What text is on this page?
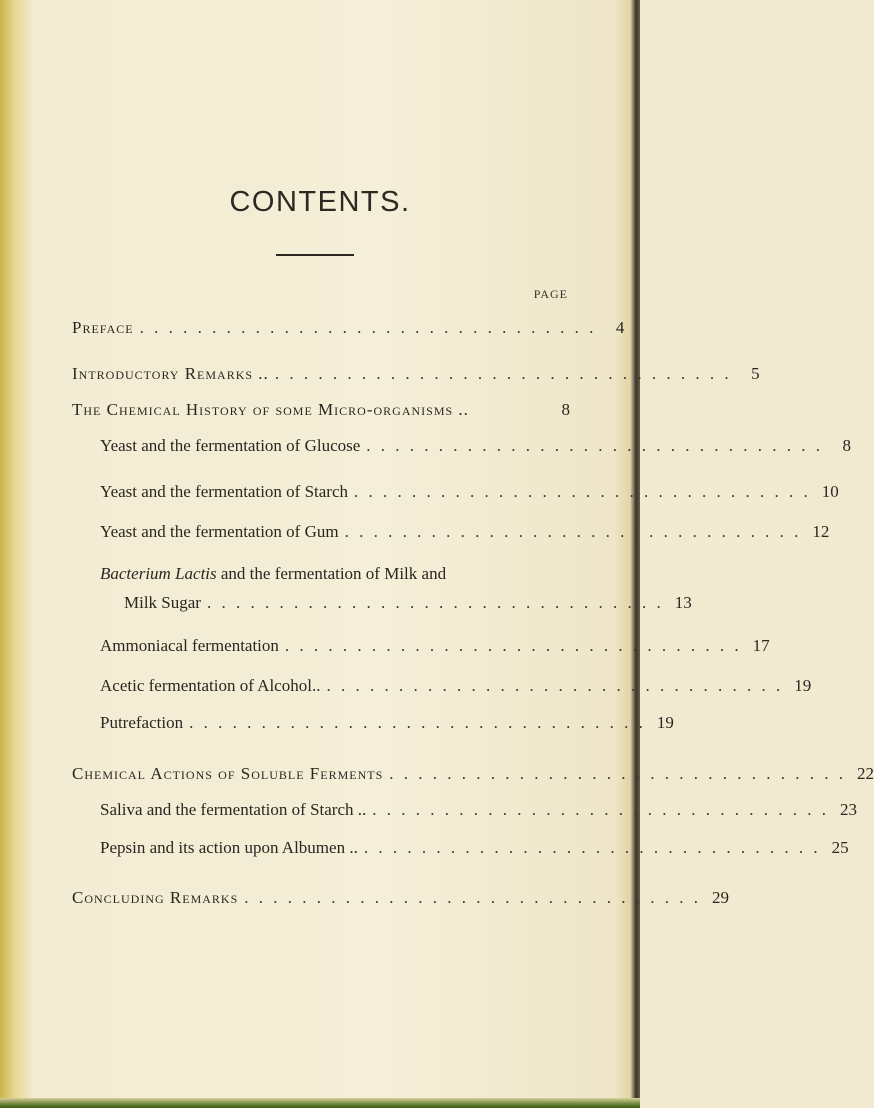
CONTENTS.
PAGE
Preface . . . . . . . . . . . . . . . . . . . . . . . . . . . . . . . .	4
Introductory Remarks .. . . . . . . . . . . . . . . . . . . . . . . . . . . . . . . . .	5
The Chemical History of some Micro-organisms ..	8
Yeast and the fermentation of Glucose . . . . . . . . . . . . . . . . . . . . . . . . . . . . . . . .	8
Yeast and the fermentation of Starch . . . . . . . . . . . . . . . . . . . . . . . . . . . . . . . . 10
Yeast and the fermentation of Gum . . . . . . . . . . . . . . . . . . . . . . . . . . . . . . . . 12
Bacterium Lactis and the fermentation of Milk and
Milk Sugar . . . . . . . . . . . . . . . . . . . . . . . . . . . . . . . . 13
Ammoniacal fermentation . . . . . . . . . . . . . . . . . . . . . . . . . . . . . . . . 17
Acetic fermentation of Alcohol.. . . . . . . . . . . . . . . . . . . . . . . . . . . . . . . . . 19
Putrefaction . . . . . . . . . . . . . . . . . . . . . . . . . . . . . . . . 19
Chemical Actions of Soluble Ferments . . . . . . . . . . . . . . . . . . . . . . . . . . . . . . . . 22
Saliva and the fermentation of Starch .. . . . . . . . . . . . . . . . . . . . . . . . . . . . . . . . . 23
Pepsin and its action upon Albumen .. . . . . . . . . . . . . . . . . . . . . . . . . . . . . . . . . 25
Concluding Remarks . . . . . . . . . . . . . . . . . . . . . . . . . . . . . . . . 29
